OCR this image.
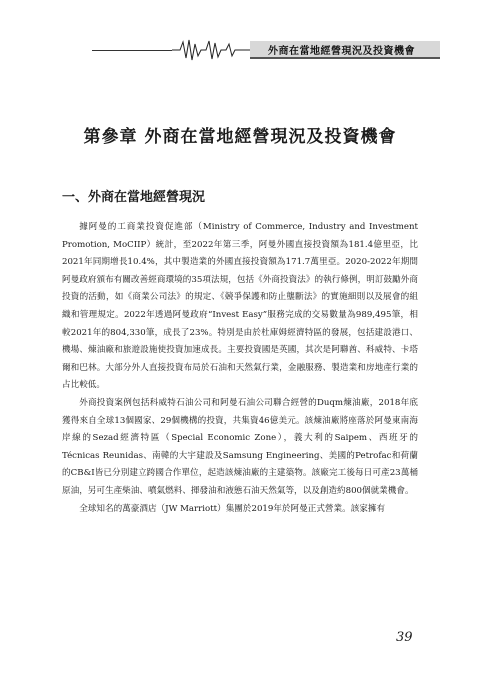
外商在當地經營現況及投資機會
第參章 外商在當地經營現況及投資機會
一、外商在當地經營現況

據阿曼的工商業投資促進部（Ministry of Commerce, Industry and Investment Promotion, MoCIIP）統計，至2022年第三季，阿曼外國直接投資額為181.4億里亞，比2021年同期增長10.4%，其中製造業的外國直接投資額為171.7萬里亞。2020-2022年期間阿曼政府頒布有關改善經商環境的35項法規，包括《外商投資法》的執行條例，明訂鼓勵外商投資的活動，如《商業公司法》的規定、《競爭保護和防止壟斷法》的實施細則以及展會的組織和管理規定。2022年透過阿曼政府“Invest Easy”服務完成的交易數量為989,495筆，相較2021年的804,330筆，成長了23%。特別是由於杜庫姆經濟特區的發展，包括建設港口、機場、煉油廠和旅遊設施使投資加速成長。主要投資國是英國，其次是阿聯酋、科威特、卡塔爾和巴林。大部分外人直接投資布局於石油和天然氣行業，金融服務、製造業和房地產行業的占比較低。

外商投資案例包括科威特石油公司和阿曼石油公司聯合經營的Duqm煉油廠，2018年底獲得來自全球13個國家、29個機構的投資，共集資46億美元。該煉油廠將座落於阿曼東南海岸線的Sezad經濟特區（Special Economic Zone），義大利的Saipem、西班牙的Técnicas Reunidas、南韓的大宇建設及Samsung Engineering、美國的Petrofac和荷蘭的CB&I皆已分別建立跨國合作單位，起造該煉油廠的主建築物。該廠完工後每日可產23萬桶原油，另可生產柴油、噴氣燃料、揮發油和液態石油天然氣等，以及創造約800個就業機會。

全球知名的萬豪酒店（JW Marriott）集團於2019年於阿曼正式營業。該家擁有

39
